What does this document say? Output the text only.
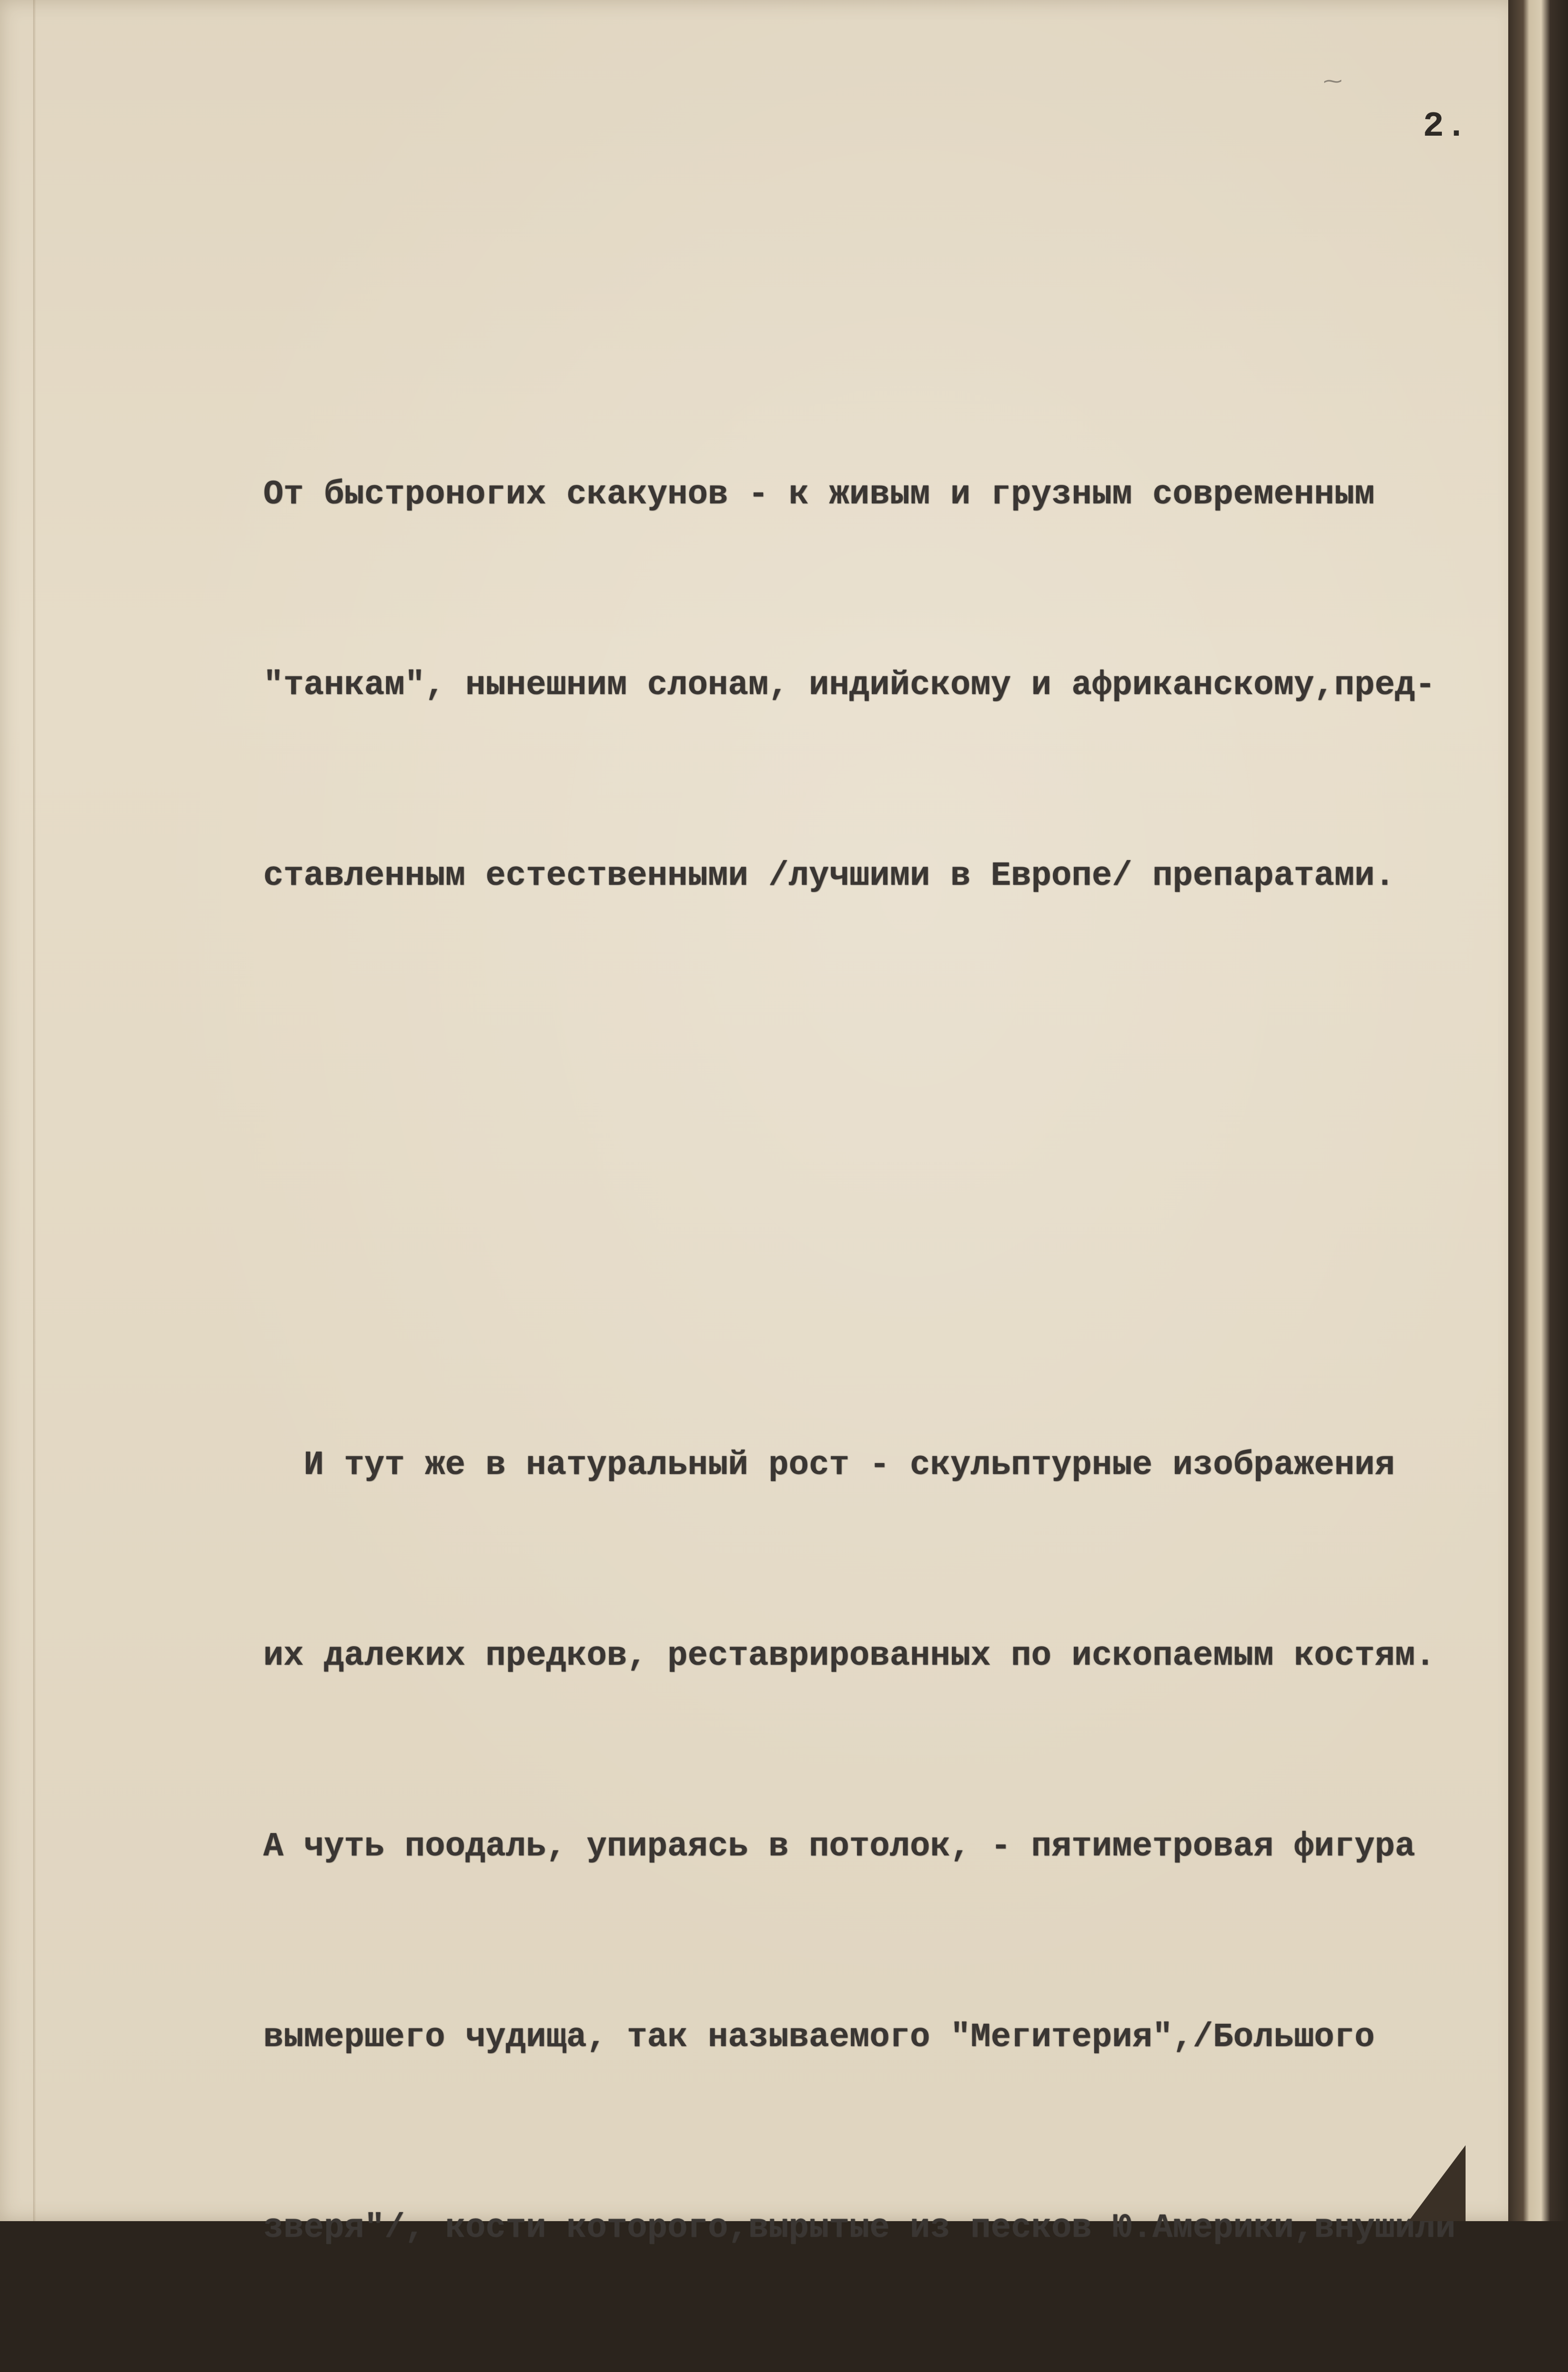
⁓
2.

От быстроногих скакунов - к живым и грузным современным

"танкам", нынешним слонам, индийскому и африканскому,пред-

ставленным естественными /лучшими в Европе/ препаратами.

И тут же в натуральный рост - скульптурные изображения

их далеких предков, реставрированных по ископаемым костям.

А чуть поодаль, упираясь в потолок, - пятиметровая фигура

вымершего чудища, так называемого "Мегитерия",/Большого

зверя"/, кости которого,вырытые из песков Ю.Америки,внушили
